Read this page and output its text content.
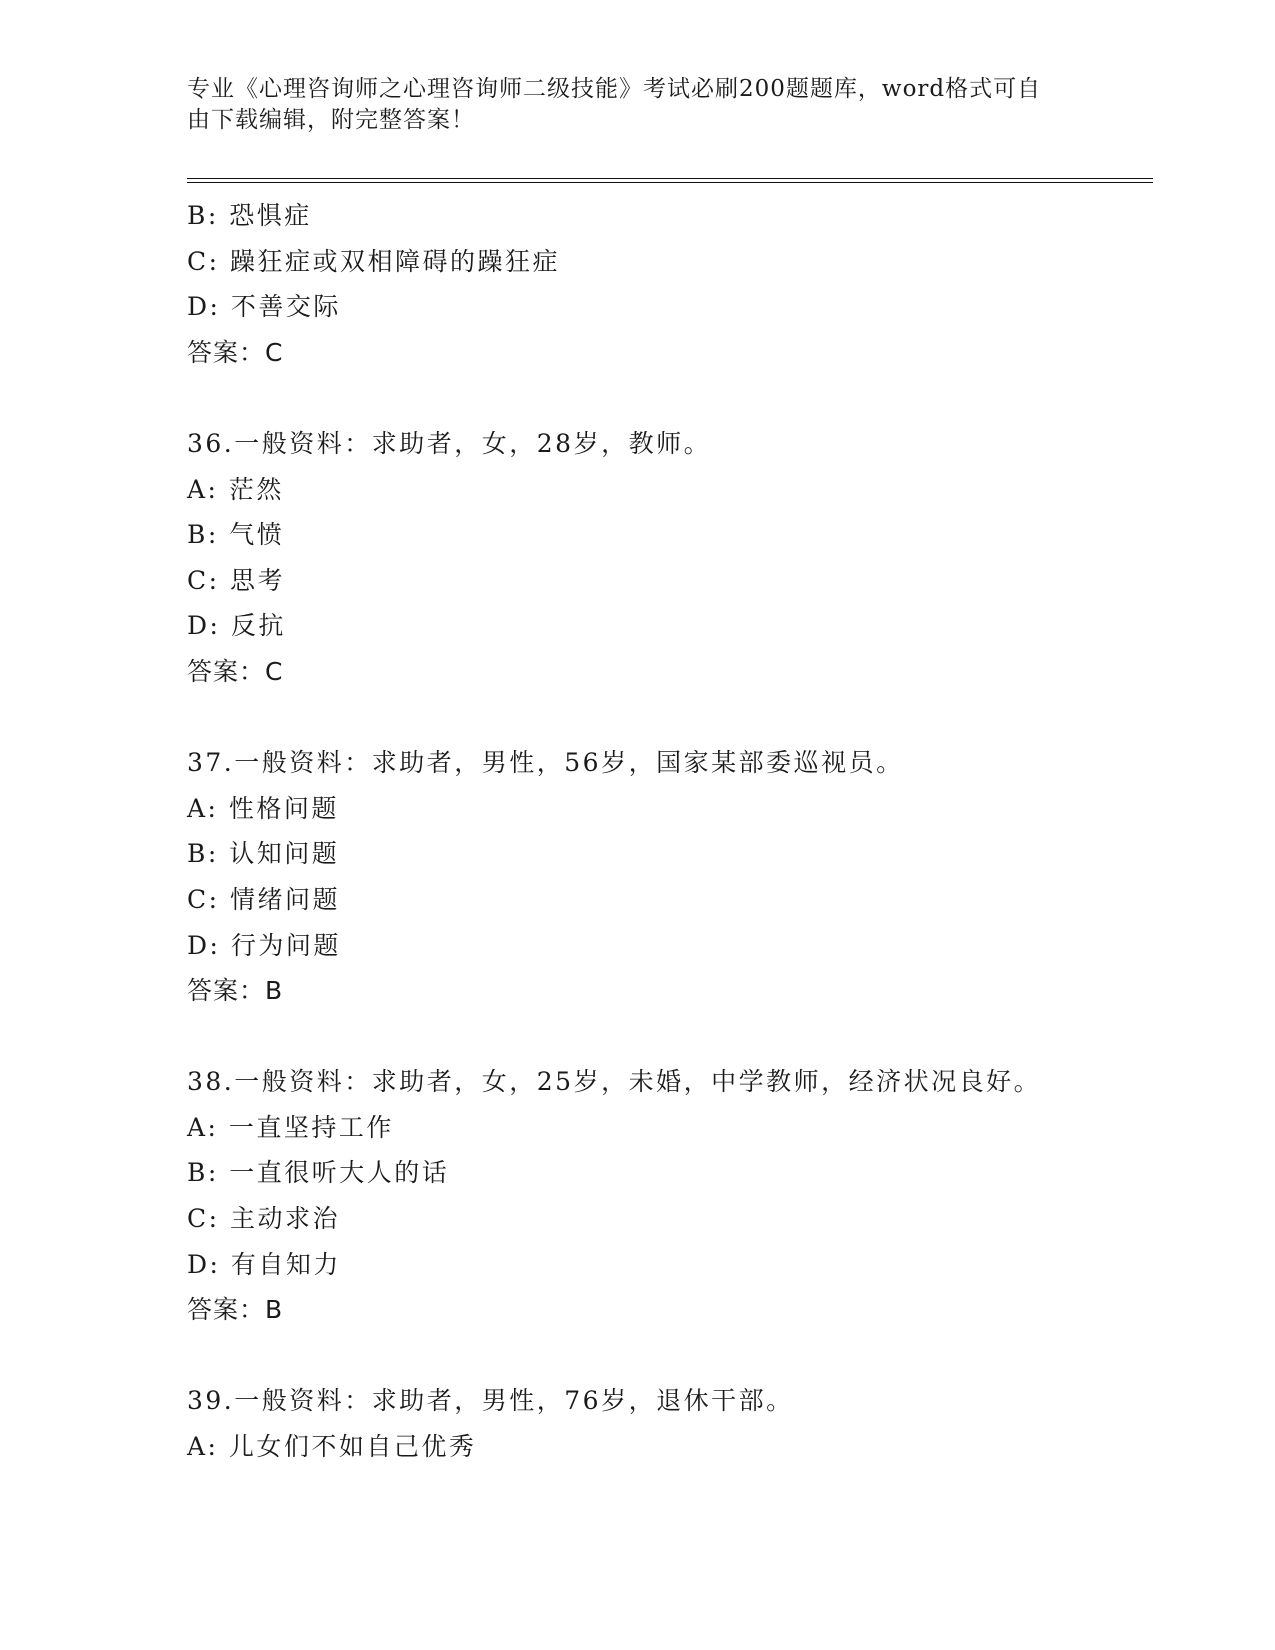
专业《心理咨询师之心理咨询师二级技能》考试必刷200题题库，word格式可自
由下载编辑，附完整答案！
B: 恐惧症
C: 躁狂症或双相障碍的躁狂症
D: 不善交际
答案：C
36.一般资料：求助者，女，28岁，教师。
A: 茫然
B: 气愤
C: 思考
D: 反抗
答案：C
37.一般资料：求助者，男性，56岁，国家某部委巡视员。
A: 性格问题
B: 认知问题
C: 情绪问题
D: 行为问题
答案：B
38.一般资料：求助者，女，25岁，未婚，中学教师，经济状况良好。
A: 一直坚持工作
B: 一直很听大人的话
C: 主动求治
D: 有自知力
答案：B
39.一般资料：求助者，男性，76岁，退休干部。
A: 儿女们不如自己优秀
